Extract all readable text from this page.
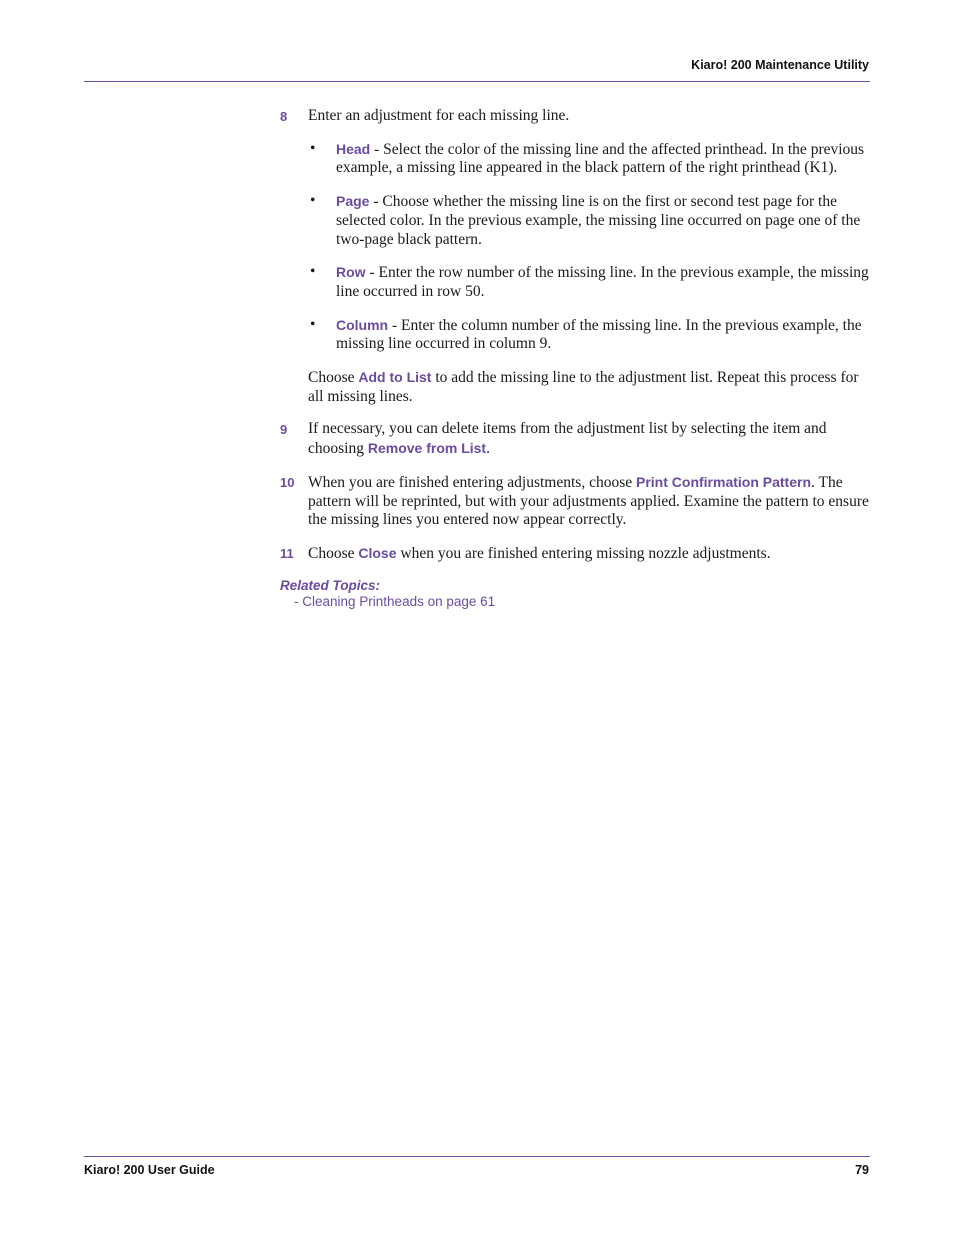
Kiaro! 200 Maintenance Utility
8 Enter an adjustment for each missing line.

• Head - Select the color of the missing line and the affected printhead. In the previous example, a missing line appeared in the black pattern of the right printhead (K1).
• Page - Choose whether the missing line is on the first or second test page for the selected color. In the previous example, the missing line occurred on page one of the two-page black pattern.
• Row - Enter the row number of the missing line. In the previous example, the missing line occurred in row 50.
• Column - Enter the column number of the missing line. In the previous example, the missing line occurred in column 9.

Choose Add to List to add the missing line to the adjustment list. Repeat this process for all missing lines.

9 If necessary, you can delete items from the adjustment list by selecting the item and choosing Remove from List.

10 When you are finished entering adjustments, choose Print Confirmation Pattern. The pattern will be reprinted, but with your adjustments applied. Examine the pattern to ensure the missing lines you entered now appear correctly.

11 Choose Close when you are finished entering missing nozzle adjustments.

Related Topics:
- Cleaning Printheads on page 61
Kiaro! 200 User Guide	79
